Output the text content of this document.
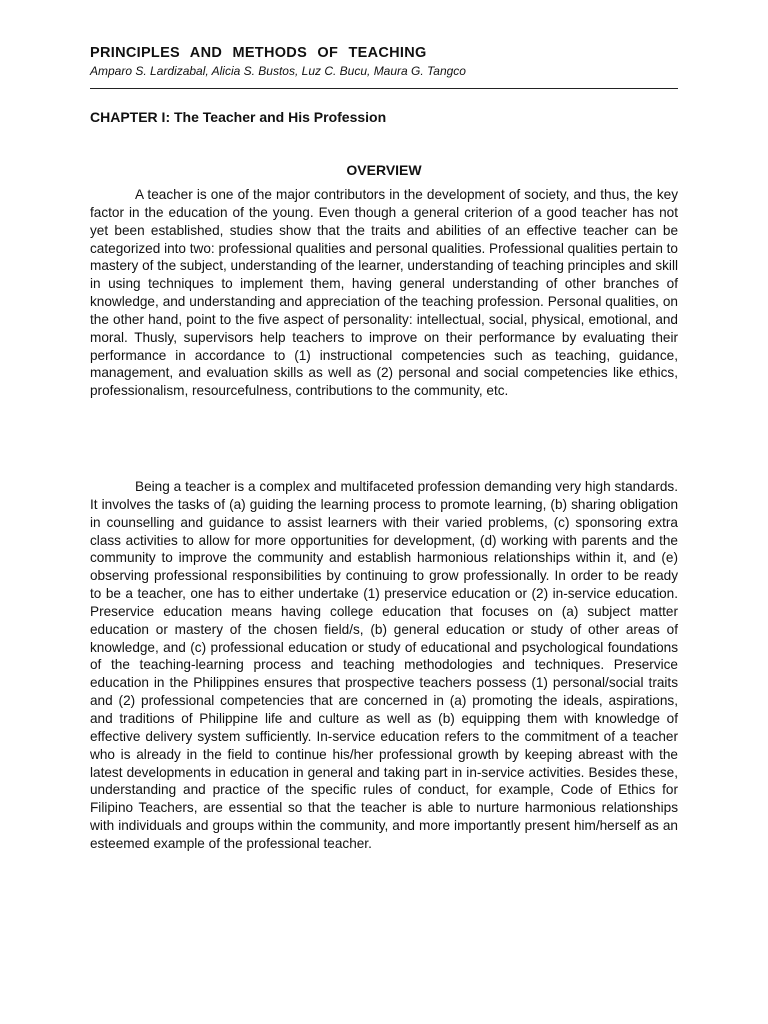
PRINCIPLES AND METHODS OF TEACHING
Amparo S. Lardizabal, Alicia S. Bustos, Luz C. Bucu, Maura G. Tangco
CHAPTER I: The Teacher and His Profession
OVERVIEW

A teacher is one of the major contributors in the development of society, and thus, the key factor in the education of the young. Even though a general criterion of a good teacher has not yet been established, studies show that the traits and abilities of an effective teacher can be categorized into two: professional qualities and personal qualities. Professional qualities pertain to mastery of the subject, understanding of the learner, understanding of teaching principles and skill in using techniques to implement them, having general understanding of other branches of knowledge, and understanding and appreciation of the teaching profession. Personal qualities, on the other hand, point to the five aspect of personality: intellectual, social, physical, emotional, and moral. Thusly, supervisors help teachers to improve on their performance by evaluating their performance in accordance to (1) instructional competencies such as teaching, guidance, management, and evaluation skills as well as (2) personal and social competencies like ethics, professionalism, resourcefulness, contributions to the community, etc.

Being a teacher is a complex and multifaceted profession demanding very high standards. It involves the tasks of (a) guiding the learning process to promote learning, (b) sharing obligation in counselling and guidance to assist learners with their varied problems, (c) sponsoring extra class activities to allow for more opportunities for development, (d) working with parents and the community to improve the community and establish harmonious relationships within it, and (e) observing professional responsibilities by continuing to grow professionally. In order to be ready to be a teacher, one has to either undertake (1) preservice education or (2) in-service education. Preservice education means having college education that focuses on (a) subject matter education or mastery of the chosen field/s, (b) general education or study of other areas of knowledge, and (c) professional education or study of educational and psychological foundations of the teaching-learning process and teaching methodologies and techniques. Preservice education in the Philippines ensures that prospective teachers possess (1) personal/social traits and (2) professional competencies that are concerned in (a) promoting the ideals, aspirations, and traditions of Philippine life and culture as well as (b) equipping them with knowledge of effective delivery system sufficiently. In-service education refers to the commitment of a teacher who is already in the field to continue his/her professional growth by keeping abreast with the latest developments in education in general and taking part in in-service activities. Besides these, understanding and practice of the specific rules of conduct, for example, Code of Ethics for Filipino Teachers, are essential so that the teacher is able to nurture harmonious relationships with individuals and groups within the community, and more importantly present him/herself as an esteemed example of the professional teacher.
